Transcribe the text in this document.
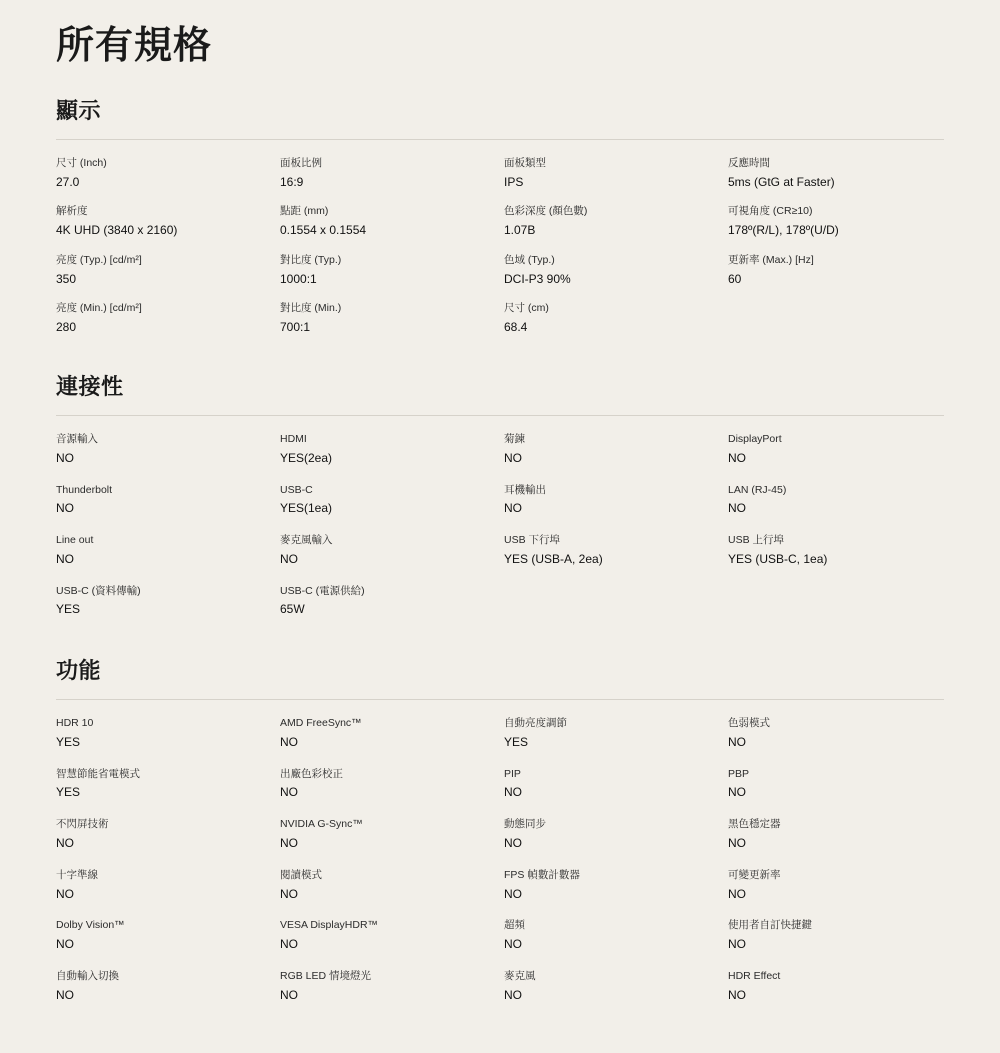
所有規格
顯示
尺寸 (Inch)
27.0
面板比例
16:9
面板類型
IPS
反應時間
5ms (GtG at Faster)
解析度
4K UHD (3840 x 2160)
點距 (mm)
0.1554 x 0.1554
色彩深度 (顏色數)
1.07B
可視角度 (CR≥10)
178º(R/L), 178º(U/D)
亮度 (Typ.) [cd/m²]
350
對比度 (Typ.)
1000:1
色域 (Typ.)
DCI-P3 90%
更新率 (Max.) [Hz]
60
亮度 (Min.) [cd/m²]
280
對比度 (Min.)
700:1
尺寸 (cm)
68.4
連接性
音源輸入
NO
HDMI
YES(2ea)
菊鍊
NO
DisplayPort
NO
Thunderbolt
NO
USB-C
YES(1ea)
耳機輸出
NO
LAN (RJ-45)
NO
Line out
NO
麥克風輸入
NO
USB 下行埠
YES (USB-A, 2ea)
USB 上行埠
YES (USB-C, 1ea)
USB-C (資料傳輸)
YES
USB-C (電源供給)
65W
功能
HDR 10
YES
AMD FreeSync™
NO
自動亮度調節
YES
色弱模式
NO
智慧節能省電模式
YES
出廠色彩校正
NO
PIP
NO
PBP
NO
不閃屏技術
NO
NVIDIA G-Sync™
NO
動態同步
NO
黑色穩定器
NO
十字準線
NO
閱讀模式
NO
FPS 幀數計數器
NO
可變更新率
NO
Dolby Vision™
NO
VESA DisplayHDR™
NO
超頻
NO
使用者自訂快捷鍵
NO
自動輸入切換
NO
RGB LED 情境燈光
NO
麥克風
NO
HDR Effect
NO
